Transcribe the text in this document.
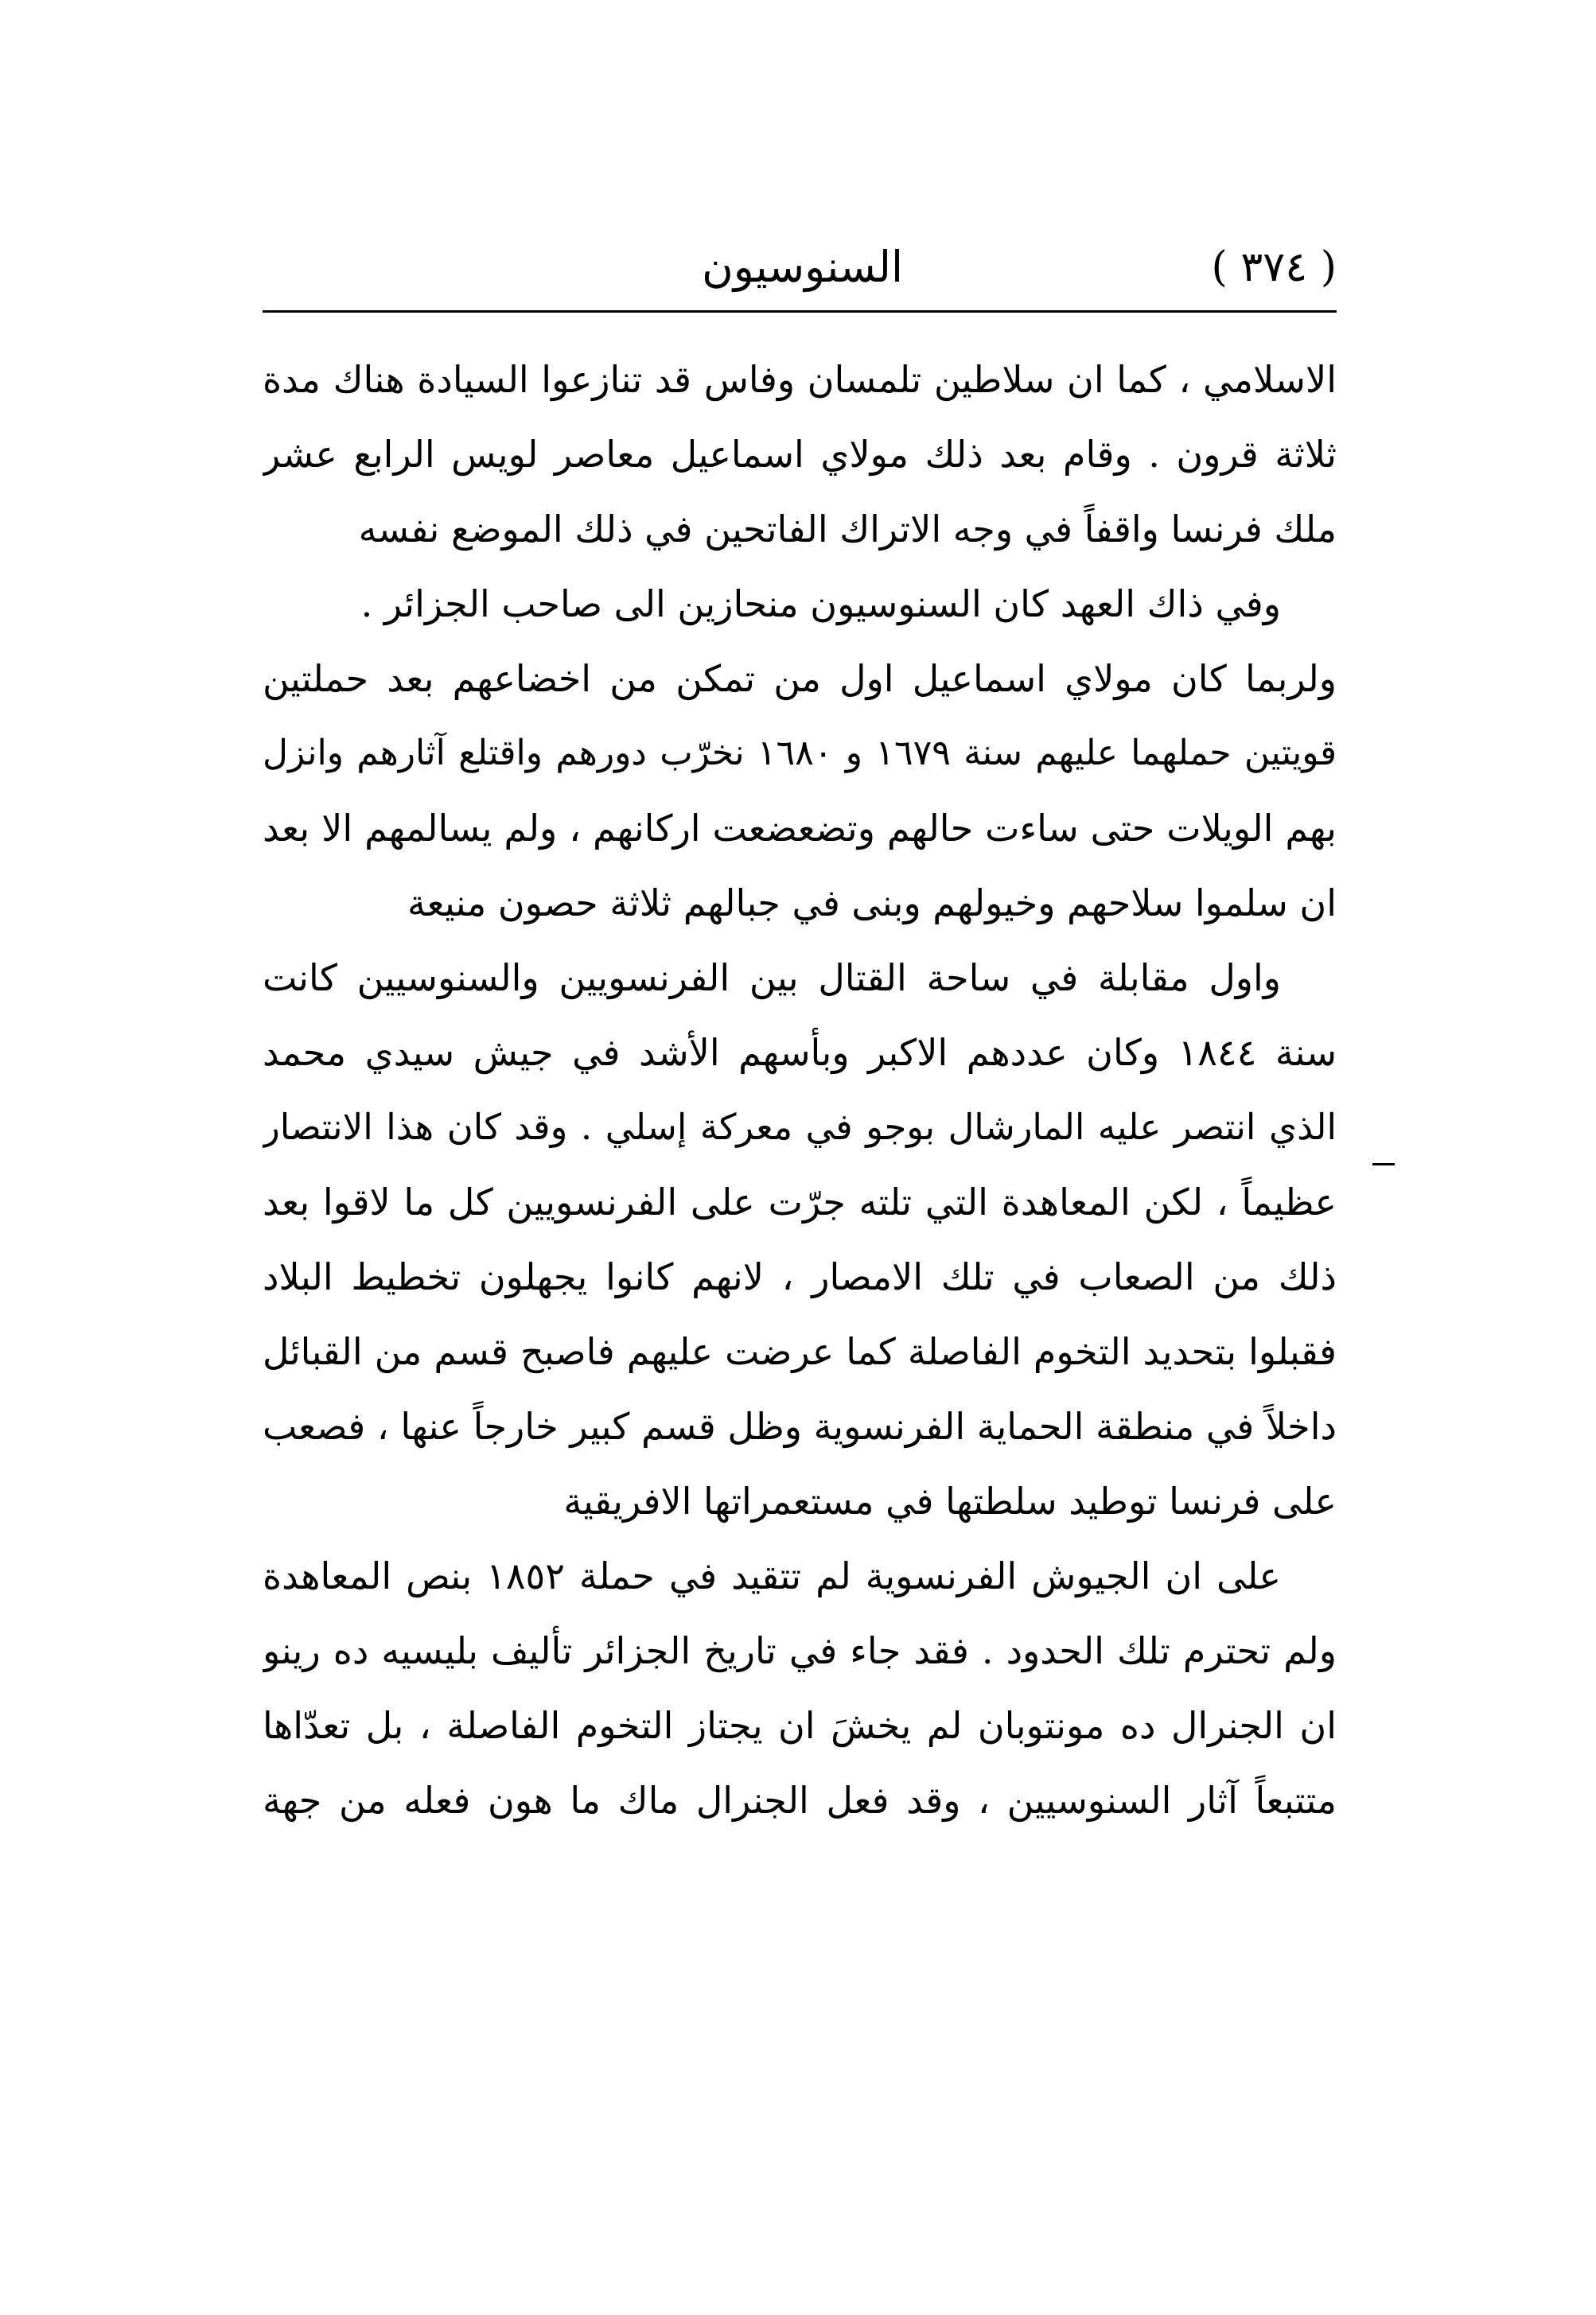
( ٣٧٤ )
السنوسيون
الاسلامي ، كما ان سلاطين تلمسان وفاس قد تنازعوا السيادة هناك مدة
ثلاثة قرون . وقام بعد ذلك مولاي اسماعيل معاصر لويس الرابع عشر
ملك فرنسا واقفاً في وجه الاتراك الفاتحين في ذلك الموضع نفسه
وفي ذاك العهد كان السنوسيون منحازين الى صاحب الجزائر .
ولربما كان مولاي اسماعيل اول من تمكن من اخضاعهم بعد حملتين
قويتين حملهما عليهم سنة ١٦٧٩ و ١٦٨٠ نخرّب دورهم واقتلع آثارهم وانزل
بهم الويلات حتى ساءت حالهم وتضعضعت اركانهم ، ولم يسالمهم الا بعد
ان سلموا سلاحهم وخيولهم وبنى في جبالهم ثلاثة حصون منيعة
واول مقابلة في ساحة القتال بين الفرنسويين والسنوسيين كانت
سنة ١٨٤٤ وكان عددهم الاكبر وبأسهم الأشد في جيش سيدي محمد
الذي انتصر عليه المارشال بوجو في معركة إسلي . وقد كان هذا الانتصار
عظيماً ، لكن المعاهدة التي تلته جرّت على الفرنسويين كل ما لاقوا بعد
ذلك من الصعاب في تلك الامصار ، لانهم كانوا يجهلون تخطيط البلاد
فقبلوا بتحديد التخوم الفاصلة كما عرضت عليهم فاصبح قسم من القبائل
داخلاً في منطقة الحماية الفرنسوية وظل قسم كبير خارجاً عنها ، فصعب
على فرنسا توطيد سلطتها في مستعمراتها الافريقية
على ان الجيوش الفرنسوية لم تتقيد في حملة ١٨٥٢ بنص المعاهدة
ولم تحترم تلك الحدود . فقد جاء في تاريخ الجزائر تأليف بليسيه ده رينو
ان الجنرال ده مونتوبان لم يخشَ ان يجتاز التخوم الفاصلة ، بل تعدّاها
متتبعاً آثار السنوسيين ، وقد فعل الجنرال ماك ما هون فعله من جهة
